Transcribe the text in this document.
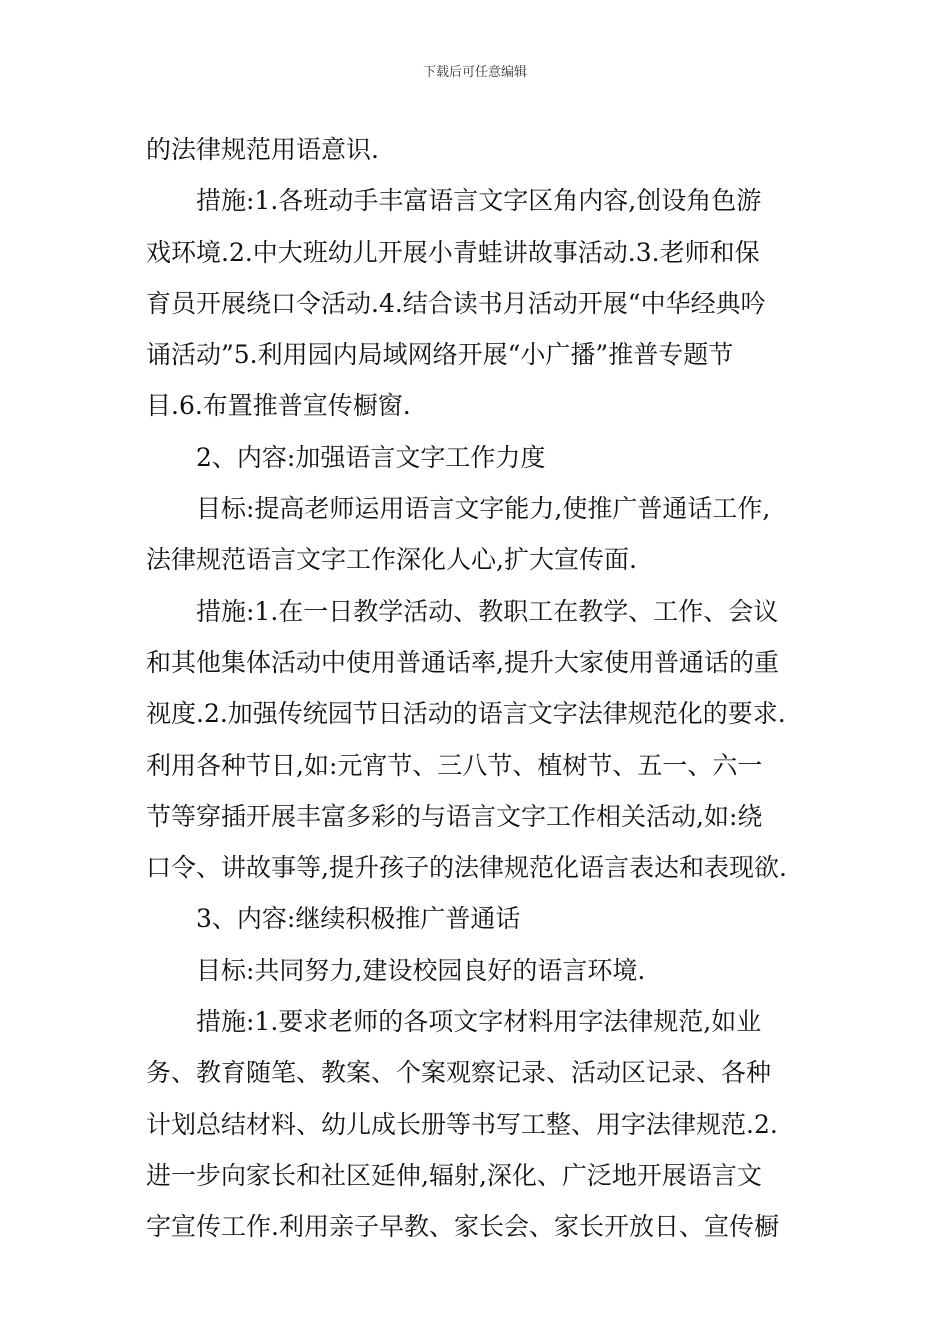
下载后可任意编辑
的法律规范用语意识.
措施:1.各班动手丰富语言文字区角内容,创设角色游
戏环境.2.中大班幼儿开展小青蛙讲故事活动.3.老师和保
育员开展绕口令活动.4.结合读书月活动开展“中华经典吟
诵活动”5.利用园内局域网络开展“小广播”推普专题节
目.6.布置推普宣传橱窗.
2、内容:加强语言文字工作力度
目标:提高老师运用语言文字能力,使推广普通话工作,
法律规范语言文字工作深化人心,扩大宣传面.
措施:1.在一日教学活动、教职工在教学、工作、会议
和其他集体活动中使用普通话率,提升大家使用普通话的重
视度.2.加强传统园节日活动的语言文字法律规范化的要求.
利用各种节日,如:元宵节、三八节、植树节、五一、六一
节等穿插开展丰富多彩的与语言文字工作相关活动,如:绕
口令、讲故事等,提升孩子的法律规范化语言表达和表现欲.
3、内容:继续积极推广普通话
目标:共同努力,建设校园良好的语言环境.
措施:1.要求老师的各项文字材料用字法律规范,如业
务、教育随笔、教案、个案观察记录、活动区记录、各种
计划总结材料、幼儿成长册等书写工整、用字法律规范.2.
进一步向家长和社区延伸,辐射,深化、广泛地开展语言文
字宣传工作.利用亲子早教、家长会、家长开放日、宣传橱
